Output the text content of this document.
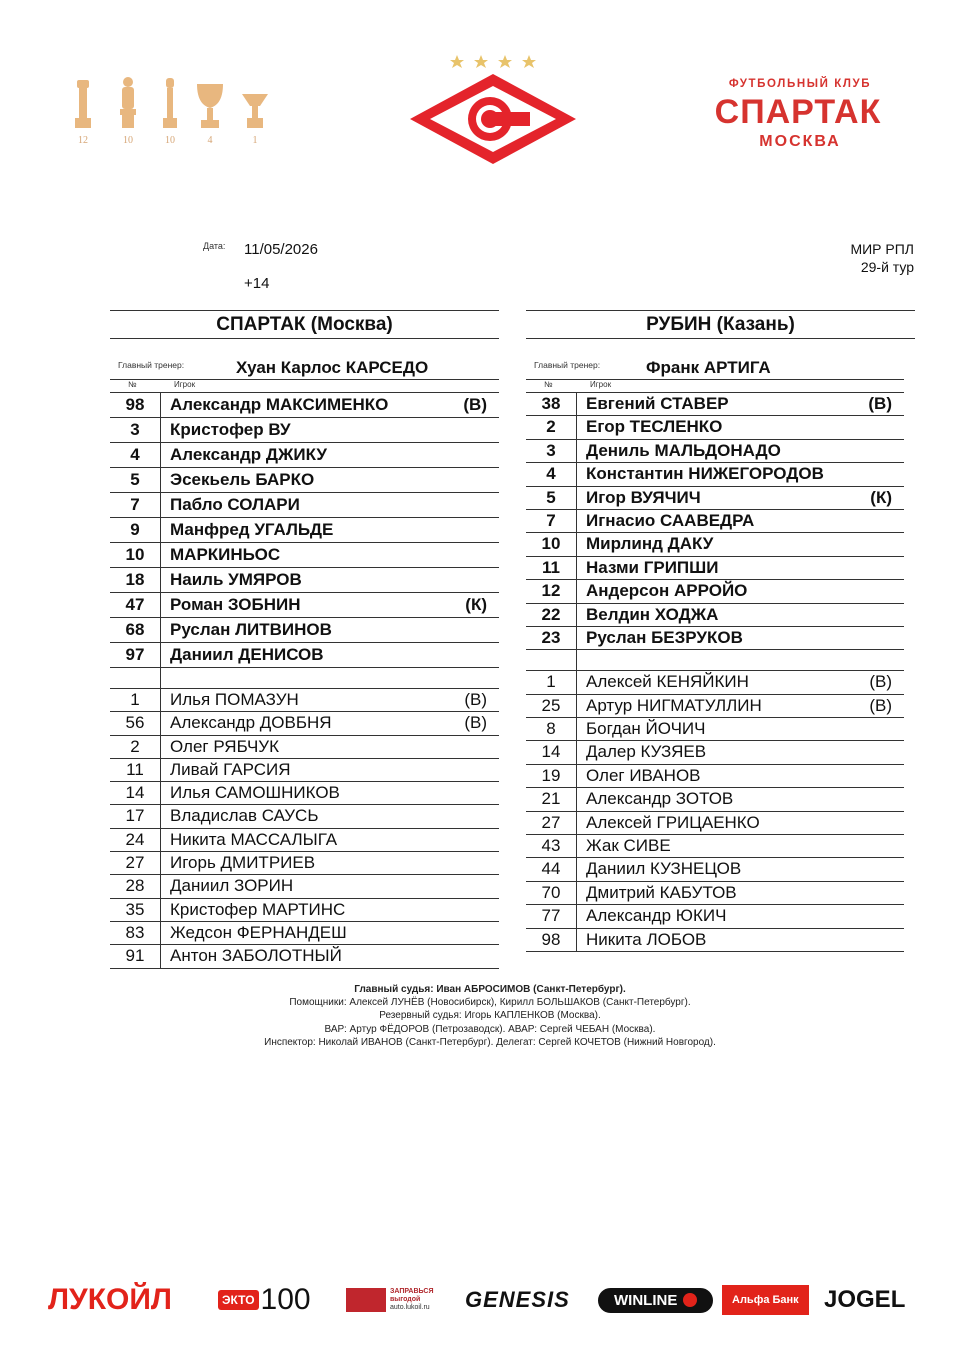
12	10	10	4	1
ФУТБОЛЬНЫЙ КЛУБ
СПАРТАК
МОСКВА
Дата: 11/05/2026
+14
МИР РПЛ
29-й тур
СПАРТАК (Москва)
Главный тренер:	Хуан Карлос КАРСЕДО
№	Игрок
98	Александр МАКСИМЕНКО	(В)
3	Кристофер ВУ
4	Александр ДЖИКУ
5	Эсекьель БАРКО
7	Пабло СОЛАРИ
9	Манфред УГАЛЬДЕ
10	МАРКИНЬОС
18	Наиль УМЯРОВ
47	Роман ЗОБНИН	(К)
68	Руслан ЛИТВИНОВ
97	Даниил ДЕНИСОВ
1	Илья ПОМАЗУН	(В)
56	Александр ДОВБНЯ	(В)
2	Олег РЯБЧУК
11	Ливай ГАРСИЯ
14	Илья САМОШНИКОВ
17	Владислав САУСЬ
24	Никита МАССАЛЫГА
27	Игорь ДМИТРИЕВ
28	Даниил ЗОРИН
35	Кристофер МАРТИНС
83	Жедсон ФЕРНАНДЕШ
91	Антон ЗАБОЛОТНЫЙ
РУБИН (Казань)
Главный тренер:	Франк АРТИГА
№	Игрок
38	Евгений СТАВЕР	(В)
2	Егор ТЕСЛЕНКО
3	Дениль МАЛЬДОНАДО
4	Константин НИЖЕГОРОДОВ
5	Игор ВУЯЧИЧ	(К)
7	Игнасио СААВЕДРА
10	Мирлинд ДАКУ
11	Назми ГРИПШИ
12	Андерсон АРРОЙО
22	Велдин ХОДЖА
23	Руслан БЕЗРУКОВ
1	Алексей КЕНЯЙКИН	(В)
25	Артур НИГМАТУЛЛИН	(В)
8	Богдан ЙОЧИЧ
14	Далер КУЗЯЕВ
19	Олег ИВАНОВ
21	Александр ЗОТОВ
27	Алексей ГРИЦАЕНКО
43	Жак СИВЕ
44	Даниил КУЗНЕЦОВ
70	Дмитрий КАБУТОВ
77	Александр ЮКИЧ
98	Никита ЛОБОВ
Главный судья: Иван АБРОСИМОВ (Санкт-Петербург).
Помощники: Алексей ЛУНЁВ (Новосибирск), Кирилл БОЛЬШАКОВ (Санкт-Петербург).
Резервный судья: Игорь КАПЛЕНКОВ (Москва).
ВАР: Артур ФЁДОРОВ (Петрозаводск). АВАР: Сергей ЧЕБАН (Москва).
Инспектор: Николай ИВАНОВ (Санкт-Петербург). Делегат: Сергей КОЧЕТОВ (Нижний Новгород).
ЛУКОЙЛ	ЭКТО 100	ЗАПРАВЬСЯ
выгодой
auto.lukoil.ru GENESIS	WINLINE	Альфа Банк	JOGEL
